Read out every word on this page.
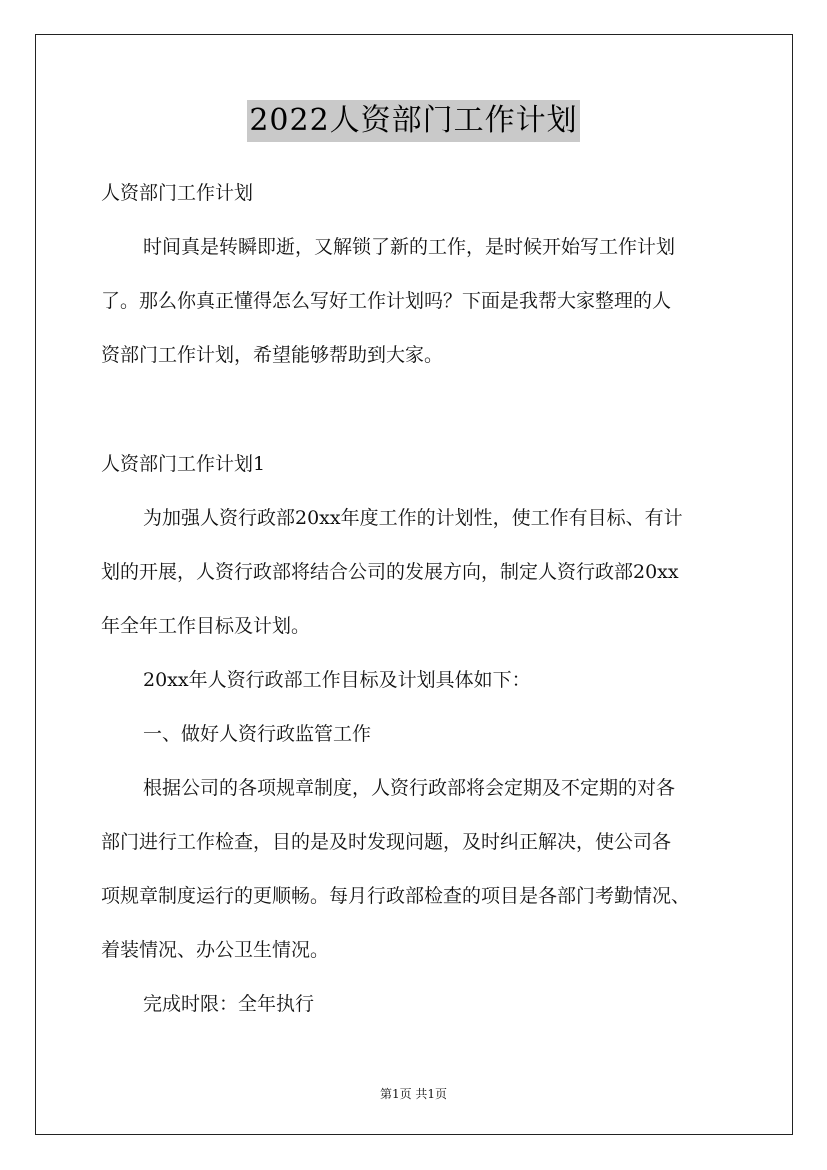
2022人资部门工作计划
人资部门工作计划
时间真是转瞬即逝，又解锁了新的工作，是时候开始写工作计划
了。那么你真正懂得怎么写好工作计划吗？下面是我帮大家整理的人
资部门工作计划，希望能够帮助到大家。
人资部门工作计划1
为加强人资行政部20xx年度工作的计划性，使工作有目标、有计
划的开展，人资行政部将结合公司的发展方向，制定人资行政部20xx
年全年工作目标及计划。
20xx年人资行政部工作目标及计划具体如下：
一、做好人资行政监管工作
根据公司的各项规章制度，人资行政部将会定期及不定期的对各
部门进行工作检查，目的是及时发现问题，及时纠正解决，使公司各
项规章制度运行的更顺畅。每月行政部检查的项目是各部门考勤情况、
着装情况、办公卫生情况。
完成时限：全年执行
第1页 共1页
